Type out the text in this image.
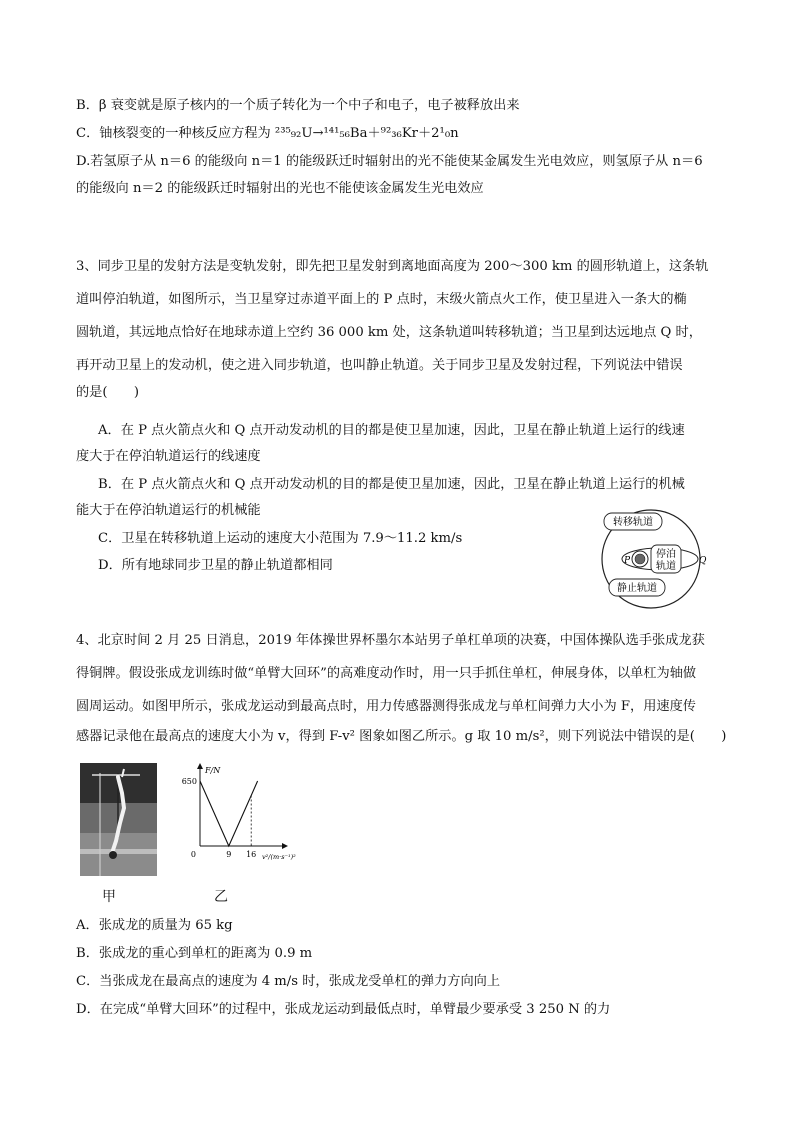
B．β 衰变就是原子核内的一个质子转化为一个中子和电子，电子被释放出来
C．铀核裂变的一种核反应方程为 ²³⁵₉₂U→¹⁴¹₅₆Ba＋⁹²₃₆Kr＋2¹₀n
D.若氢原子从 n＝6 的能级向 n＝1 的能级跃迁时辐射出的光不能使某金属发生光电效应，则氢原子从 n＝6
的能级向 n＝2 的能级跃迁时辐射出的光也不能使该金属发生光电效应
3、同步卫星的发射方法是变轨发射，即先把卫星发射到离地面高度为 200～300 km 的圆形轨道上，这条轨
道叫停泊轨道，如图所示，当卫星穿过赤道平面上的 P 点时，末级火箭点火工作，使卫星进入一条大的椭
圆轨道，其远地点恰好在地球赤道上空约 36 000 km 处，这条轨道叫转移轨道；当卫星到达远地点 Q 时，
再开动卫星上的发动机，使之进入同步轨道，也叫静止轨道。关于同步卫星及发射过程，下列说法中错误
的是(　　)
A．在 P 点火箭点火和 Q 点开动发动机的目的都是使卫星加速，因此，卫星在静止轨道上运行的线速
度大于在停泊轨道运行的线速度
B．在 P 点火箭点火和 Q 点开动发动机的目的都是使卫星加速，因此，卫星在静止轨道上运行的机械
能大于在停泊轨道运行的机械能
C．卫星在转移轨道上运动的速度大小范围为 7.9～11.2 km/s
D．所有地球同步卫星的静止轨道都相同
转移轨道
停泊
轨道
静止轨道
P	Q
4、北京时间 2 月 25 日消息，2019 年体操世界杯墨尔本站男子单杠单项的决赛，中国体操队选手张成龙获
得铜牌。假设张成龙训练时做“单臂大回环”的高难度动作时，用一只手抓住单杠，伸展身体，以单杠为轴做
圆周运动。如图甲所示，张成龙运动到最高点时，用力传感器测得张成龙与单杠间弹力大小为 F，用速度传
感器记录他在最高点的速度大小为 v，得到 F-v² 图象如图乙所示。g 取 10 m/s²，则下列说法中错误的是(　　)
甲
F/N
v²/(m·s⁻¹)²
0
650
9 16
乙
A．张成龙的质量为 65 kg
B．张成龙的重心到单杠的距离为 0.9 m
C．当张成龙在最高点的速度为 4 m/s 时，张成龙受单杠的弹力方向向上
D．在完成“单臂大回环”的过程中，张成龙运动到最低点时，单臂最少要承受 3 250 N 的力
